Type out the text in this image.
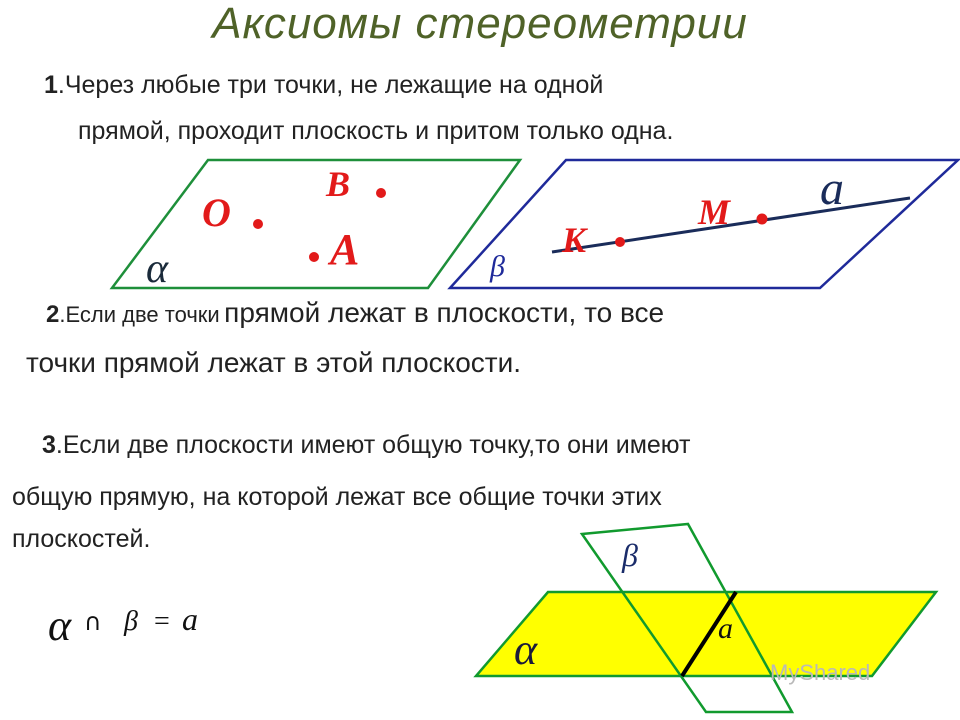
Аксиомы стереометрии
1.Через любые три точки, не лежащие на одной
прямой, проходит плоскость и притом только одна.
O
B
A
α
a
K
M
β
β
a
α
α ∩ β = a
2.Если две точки прямой лежат в плоскости, то все
точки прямой лежат в этой плоскости.
3.Если две плоскости имеют общую точку,то они имеют
общую прямую, на которой лежат все общие точки этих
плоскостей.
MyShared
